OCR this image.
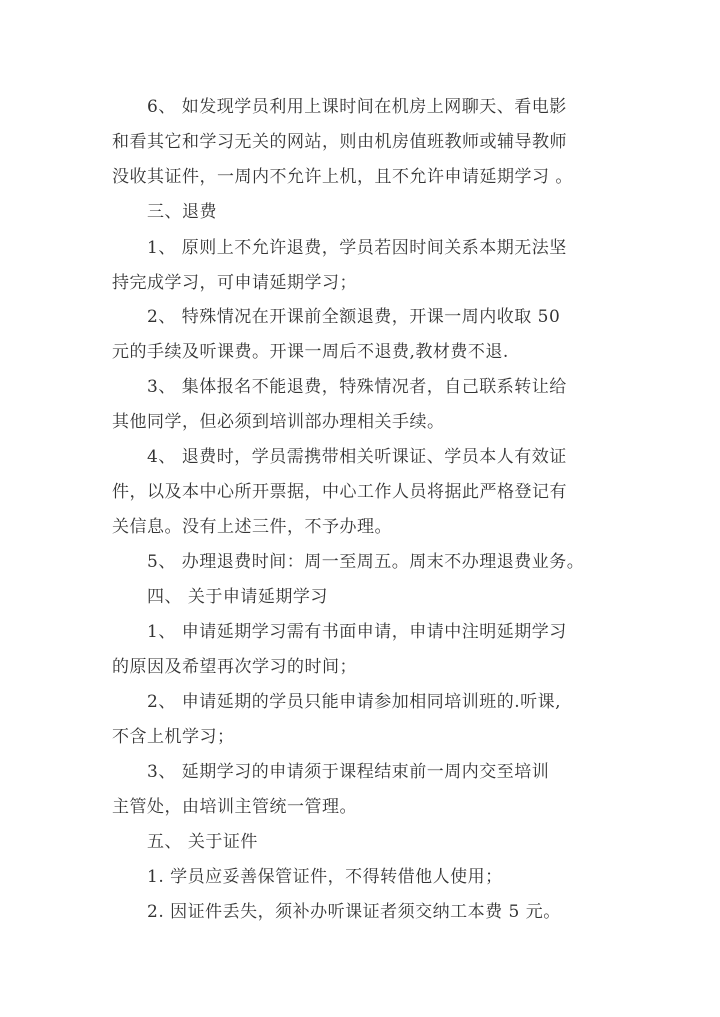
6、 如发现学员利用上课时间在机房上网聊天、看电影
和看其它和学习无关的网站，则由机房值班教师或辅导教师
没收其证件，一周内不允许上机，且不允许申请延期学习 。
三、退费
1、 原则上不允许退费，学员若因时间关系本期无法坚
持完成学习，可申请延期学习；
2、 特殊情况在开课前全额退费，开课一周内收取 50
元的手续及听课费。开课一周后不退费,教材费不退.
3、 集体报名不能退费，特殊情况者，自己联系转让给
其他同学，但必须到培训部办理相关手续。
4、 退费时，学员需携带相关听课证、学员本人有效证
件，以及本中心所开票据，中心工作人员将据此严格登记有
关信息。没有上述三件，不予办理。
5、 办理退费时间：周一至周五。周末不办理退费业务。
四、 关于申请延期学习
1、 申请延期学习需有书面申请，申请中注明延期学习
的原因及希望再次学习的时间；
2、 申请延期的学员只能申请参加相同培训班的.听课,
不含上机学习；
3、 延期学习的申请须于课程结束前一周内交至培训
主管处，由培训主管统一管理。
五、 关于证件
1. 学员应妥善保管证件，不得转借他人使用；
2. 因证件丢失，须补办听课证者须交纳工本费 5 元。
